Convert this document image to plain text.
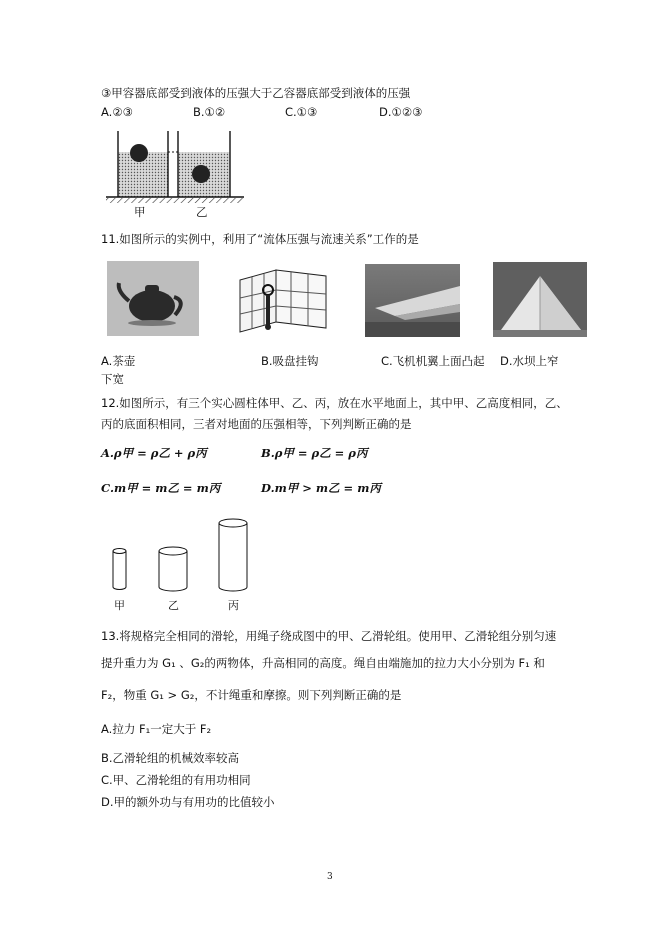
③甲容器底部受到液体的压强大于乙容器底部受到液体的压强
A.②③	B.①②	C.①③	D.①②③
甲	乙
11.如图所示的实例中，利用了“流体压强与流速关系”工作的是
A.茶壶	B.吸盘挂钩	C.飞机机翼上面凸起 D.水坝上窄
下宽
12.如图所示，有三个实心圆柱体甲、乙、丙，放在水平地面上，其中甲、乙高度相同，乙、
丙的底面积相同，三者对地面的压强相等，下列判断正确的是
A.ρ甲 = ρ乙 + ρ丙	B.ρ甲 = ρ乙 = ρ丙
C.m甲 = m乙 = m丙	D.m甲 > m乙 = m丙
甲	乙	丙
13.将规格完全相同的滑轮，用绳子绕成图中的甲、乙滑轮组。使用甲、乙滑轮组分别匀速
提升重力为 G₁ 、G₂的两物体，升高相同的高度。绳自由端施加的拉力大小分别为 F₁ 和
F₂，物重 G₁ > G₂，不计绳重和摩擦。则下列判断正确的是
A.拉力 F₁一定大于 F₂
B.乙滑轮组的机械效率较高
C.甲、乙滑轮组的有用功相同
D.甲的额外功与有用功的比值较小
3
